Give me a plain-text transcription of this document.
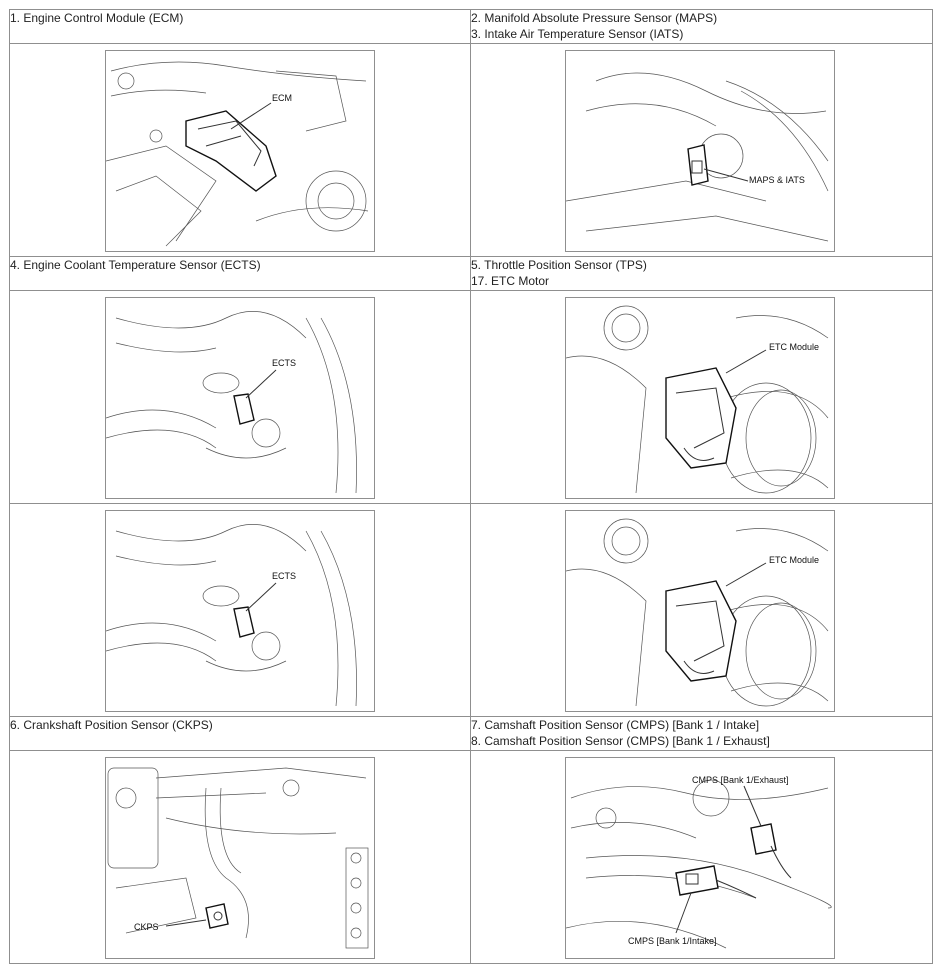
1. Engine Control Module (ECM)	2. Manifold Absolute Pressure Sensor (MAPS)
3. Intake Air Temperature Sensor (IATS)

ECM	MAPS & IATS

4. Engine Coolant Temperature Sensor (ECTS)	5. Throttle Position Sensor (TPS)
17. ETC Motor

ECTS	ETC Module

ECTS	ETC Module

6. Crankshaft Position Sensor (CKPS)	7. Camshaft Position Sensor (CMPS) [Bank 1 / Intake]
8. Camshaft Position Sensor (CMPS) [Bank 1 / Exhaust]

CKPS	CMPS [Bank 1/Exhaust]
CMPS [Bank 1/Intake]
